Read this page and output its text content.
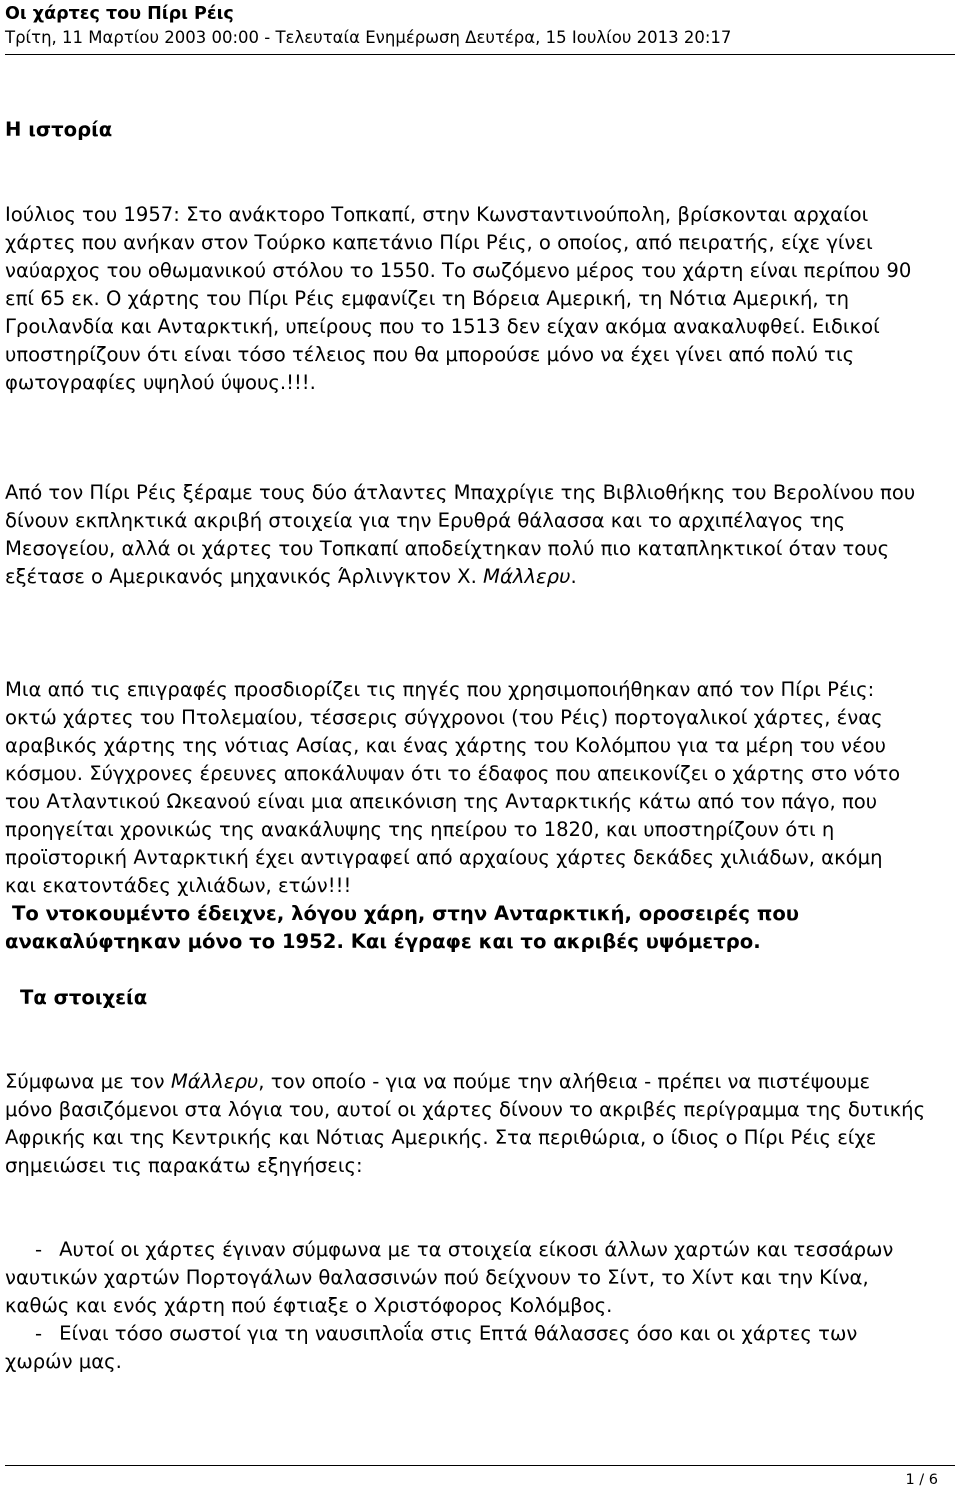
Οι χάρτες του Πίρι Ρέις
Τρίτη, 11 Μαρτίου 2003 00:00 - Τελευταία Ενημέρωση Δευτέρα, 15 Ιουλίου 2013 20:17
Η ιστορία
Ιούλιος του 1957: Στο ανάκτορο Τοπκαπί, στην Κωνσταντινούπολη, βρίσκονται αρχαίοι
χάρτες που ανήκαν στον Τούρκο καπετάνιο Πίρι Ρέις, ο οποίος, από πειρατής, είχε γίνει
ναύαρχος του οθωμανικού στόλου το 1550. Το σωζόμενο μέρος του χάρτη είναι περίπου 90
επί 65 εκ. Ο χάρτης του Πίρι Ρέις εμφανίζει τη Βόρεια Αμερική, τη Νότια Αμερική, τη
Γροιλανδία και Ανταρκτική, υπείρους που το 1513 δεν είχαν ακόμα ανακαλυφθεί. Ειδικοί
υποστηρίζουν ότι είναι τόσο τέλειος που θα μπορούσε μόνο να έχει γίνει από πολύ τις
φωτογραφίες υψηλού ύψους.!!!.
Από τον Πίρι Ρέις ξέραμε τους δύο άτλαντες Μπαχρίγιε της Βιβλιοθήκης του Βερολίνου που
δίνουν εκπληκτικά ακριβή στοιχεία για την Ερυθρά θάλασσα και το αρχιπέλαγος της
Μεσογείου, αλλά οι χάρτες του Τοπκαπί αποδείχτηκαν πολύ πιο καταπληκτικοί όταν τους
εξέτασε ο Αμερικανός μηχανικός Άρλινγκτον Χ. Μάλλερυ.
Μια από τις επιγραφές προσδιορίζει τις πηγές που χρησιμοποιήθηκαν από τον Πίρι Ρέις:
οκτώ χάρτες του Πτολεμαίου, τέσσερις σύγχρονοι (του Ρέις) πορτογαλικοί χάρτες, ένας
αραβικός χάρτης της νότιας Ασίας, και ένας χάρτης του Κολόμπου για τα μέρη του νέου
κόσμου. Σύγχρονες έρευνες αποκάλυψαν ότι το έδαφος που απεικονίζει ο χάρτης στο νότο
του Ατλαντικού Ωκεανού είναι μια απεικόνιση της Ανταρκτικής κάτω από τον πάγο, που
προηγείται χρονικώς της ανακάλυψης της ηπείρου το 1820, και υποστηρίζουν ότι η
προϊστορική Ανταρκτική έχει αντιγραφεί από αρχαίους χάρτες δεκάδες χιλιάδων, ακόμη
και εκατοντάδες χιλιάδων, ετών!!!
Το ντοκουμέντο έδειχνε, λόγου χάρη, στην Ανταρκτική, οροσειρές που
ανακαλύφτηκαν μόνο το 1952. Και έγραφε και το ακριβές υψόμετρο.
Τα στοιχεία
Σύμφωνα με τον Μάλλερυ, τον οποίο - για να πούμε την αλήθεια - πρέπει να πιστέψουμε
μόνο βασιζόμενοι στα λόγια του, αυτοί οι χάρτες δίνουν το ακριβές περίγραμμα της δυτικής
Αφρικής και της Κεντρικής και Νότιας Αμερικής. Στα περιθώρια, ο ίδιος ο Πίρι Ρέις είχε
σημειώσει τις παρακάτω εξηγήσεις:
- Αυτοί οι χάρτες έγιναν σύμφωνα με τα στοιχεία είκοσι άλλων χαρτών και τεσσάρων
ναυτικών χαρτών Πορτογάλων θαλασσινών πού δείχνουν το Σίντ, το Χίντ και την Κίνα,
καθώς και ενός χάρτη πού έφτιαξε ο Χριστόφορος Κολόμβος.
- Είναι τόσο σωστοί για τη ναυσιπλοΐα στις Επτά θάλασσες όσο και οι χάρτες των
χωρών μας.
1 / 6
